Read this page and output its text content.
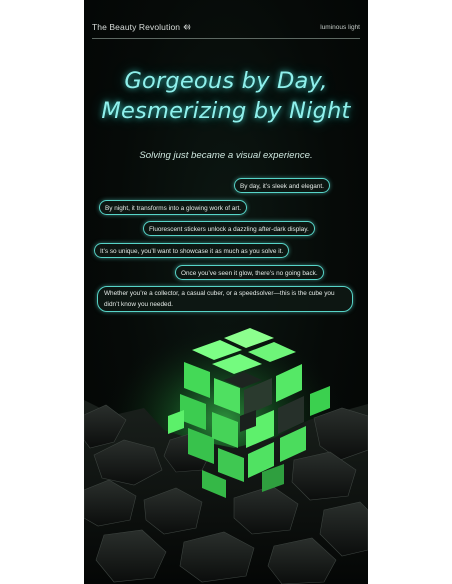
The Beauty Revolution	luminous light
Gorgeous by Day,
Mesmerizing by Night
Solving just became a visual experience.
By day, it’s sleek and elegant.
By night, it transforms into a glowing work of art.
Fluorescent stickers unlock a dazzling after-dark display.
It’s so unique, you’ll want to showcase it as much as you solve it.
Once you’ve seen it glow, there’s no going back.
Whether you’re a collector, a casual cuber, or a speedsolver—this is the cube you didn’t know you needed.
